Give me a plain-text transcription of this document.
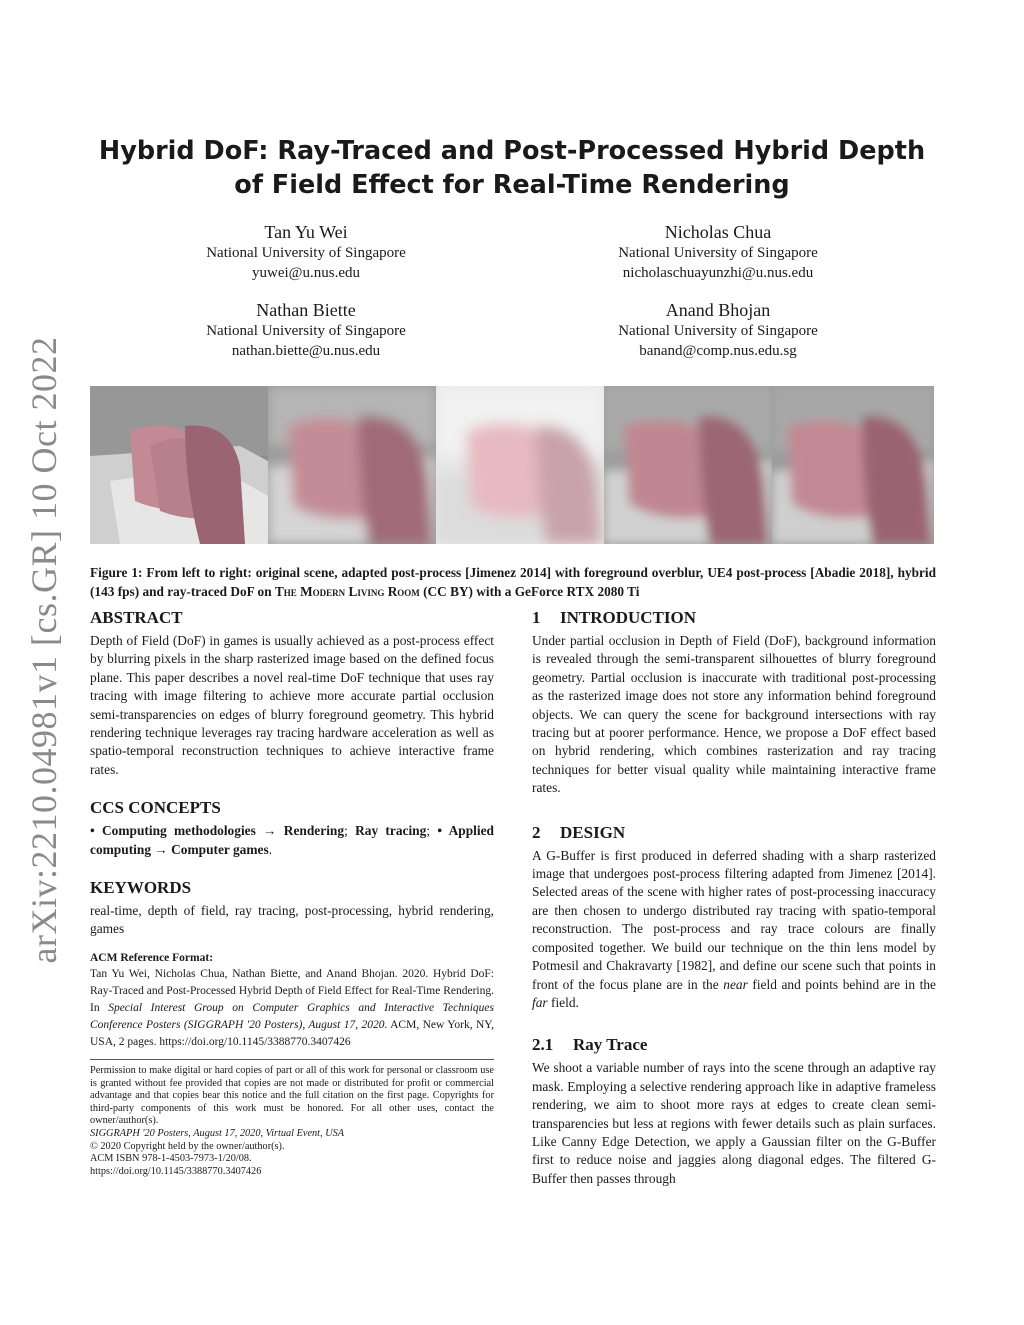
arXiv:2210.04981v1 [cs.GR] 10 Oct 2022
Hybrid DoF: Ray-Traced and Post-Processed Hybrid Depth of Field Effect for Real-Time Rendering
Tan Yu Wei
National University of Singapore
yuwei@u.nus.edu
Nicholas Chua
National University of Singapore
nicholaschuayunzhi@u.nus.edu
Nathan Biette
National University of Singapore
nathan.biette@u.nus.edu
Anand Bhojan
National University of Singapore
banand@comp.nus.edu.sg
Figure 1: From left to right: original scene, adapted post-process [Jimenez 2014] with foreground overblur, UE4 post-process [Abadie 2018], hybrid (143 fps) and ray-traced DoF on The Modern Living Room (CC BY) with a GeForce RTX 2080 Ti
ABSTRACT
Depth of Field (DoF) in games is usually achieved as a post-process effect by blurring pixels in the sharp rasterized image based on the defined focus plane. This paper describes a novel real-time DoF technique that uses ray tracing with image filtering to achieve more accurate partial occlusion semi-transparencies on edges of blurry foreground geometry. This hybrid rendering technique leverages ray tracing hardware acceleration as well as spatio-temporal reconstruction techniques to achieve interactive frame rates.
CCS CONCEPTS
• Computing methodologies → Rendering; Ray tracing; • Applied computing → Computer games.
KEYWORDS
real-time, depth of field, ray tracing, post-processing, hybrid rendering, games
ACM Reference Format:
Tan Yu Wei, Nicholas Chua, Nathan Biette, and Anand Bhojan. 2020. Hybrid DoF: Ray-Traced and Post-Processed Hybrid Depth of Field Effect for Real-Time Rendering. In Special Interest Group on Computer Graphics and Interactive Techniques Conference Posters (SIGGRAPH '20 Posters), August 17, 2020. ACM, New York, NY, USA, 2 pages. https://doi.org/10.1145/3388770.3407426
Permission to make digital or hard copies of part or all of this work for personal or classroom use is granted without fee provided that copies are not made or distributed for profit or commercial advantage and that copies bear this notice and the full citation on the first page. Copyrights for third-party components of this work must be honored. For all other uses, contact the owner/author(s).
SIGGRAPH '20 Posters, August 17, 2020, Virtual Event, USA
© 2020 Copyright held by the owner/author(s).
ACM ISBN 978-1-4503-7973-1/20/08.
https://doi.org/10.1145/3388770.3407426
1 INTRODUCTION
Under partial occlusion in Depth of Field (DoF), background information is revealed through the semi-transparent silhouettes of blurry foreground geometry. Partial occlusion is inaccurate with traditional post-processing as the rasterized image does not store any information behind foreground objects. We can query the scene for background intersections with ray tracing but at poorer performance. Hence, we propose a DoF effect based on hybrid rendering, which combines rasterization and ray tracing techniques for better visual quality while maintaining interactive frame rates.
2 DESIGN
A G-Buffer is first produced in deferred shading with a sharp rasterized image that undergoes post-process filtering adapted from Jimenez [2014]. Selected areas of the scene with higher rates of post-processing inaccuracy are then chosen to undergo distributed ray tracing with spatio-temporal reconstruction. The post-process and ray trace colours are finally composited together. We build our technique on the thin lens model by Potmesil and Chakravarty [1982], and define our scene such that points in front of the focus plane are in the near field and points behind are in the far field.
2.1 Ray Trace
We shoot a variable number of rays into the scene through an adaptive ray mask. Employing a selective rendering approach like in adaptive frameless rendering, we aim to shoot more rays at edges to create clean semi-transparencies but less at regions with fewer details such as plain surfaces. Like Canny Edge Detection, we apply a Gaussian filter on the G-Buffer first to reduce noise and jaggies along diagonal edges. The filtered G-Buffer then passes through
